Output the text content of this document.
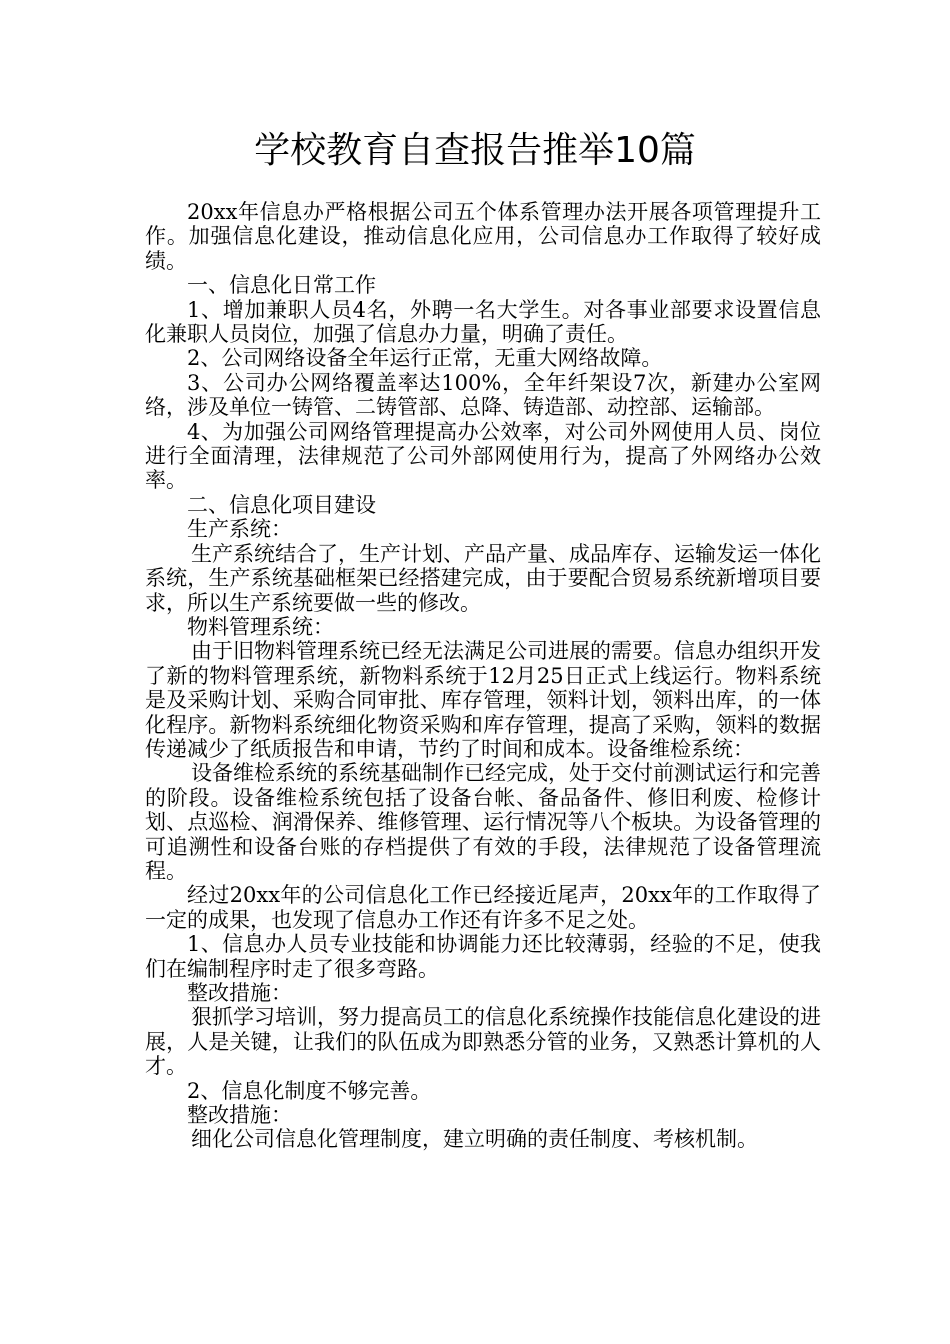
学校教育自查报告推举10篇

20xx年信息办严格根据公司五个体系管理办法开展各项管理提升工作。加强信息化建设，推动信息化应用，公司信息办工作取得了较好成绩。

一、信息化日常工作

1、增加兼职人员4名，外聘一名大学生。对各事业部要求设置信息化兼职人员岗位，加强了信息办力量，明确了责任。

2、公司网络设备全年运行正常，无重大网络故障。

3、公司办公网络覆盖率达100%，全年纤架设7次，新建办公室网络，涉及单位一铸管、二铸管部、总降、铸造部、动控部、运输部。

4、为加强公司网络管理提高办公效率，对公司外网使用人员、岗位进行全面清理，法律规范了公司外部网使用行为，提高了外网络办公效率。

二、信息化项目建设

生产系统：

生产系统结合了，生产计划、产品产量、成品库存、运输发运一体化系统，生产系统基础框架已经搭建完成，由于要配合贸易系统新增项目要求，所以生产系统要做一些的修改。

物料管理系统：

由于旧物料管理系统已经无法满足公司进展的需要。信息办组织开发了新的物料管理系统，新物料系统于12月25日正式上线运行。物料系统是及采购计划、采购合同审批、库存管理，领料计划，领料出库，的一体化程序。新物料系统细化物资采购和库存管理，提高了采购，领料的数据传递减少了纸质报告和申请，节约了时间和成本。设备维检系统：

设备维检系统的系统基础制作已经完成，处于交付前测试运行和完善的阶段。设备维检系统包括了设备台帐、备品备件、修旧利废、检修计划、点巡检、润滑保养、维修管理、运行情况等八个板块。为设备管理的可追溯性和设备台账的存档提供了有效的手段，法律规范了设备管理流程。

经过20xx年的公司信息化工作已经接近尾声，20xx年的工作取得了一定的成果，也发现了信息办工作还有许多不足之处。

1、信息办人员专业技能和协调能力还比较薄弱，经验的不足，使我们在编制程序时走了很多弯路。

整改措施：

狠抓学习培训，努力提高员工的信息化系统操作技能信息化建设的进展，人是关键，让我们的队伍成为即熟悉分管的业务，又熟悉计算机的人才。

2、信息化制度不够完善。

整改措施：

细化公司信息化管理制度，建立明确的责任制度、考核机制。
